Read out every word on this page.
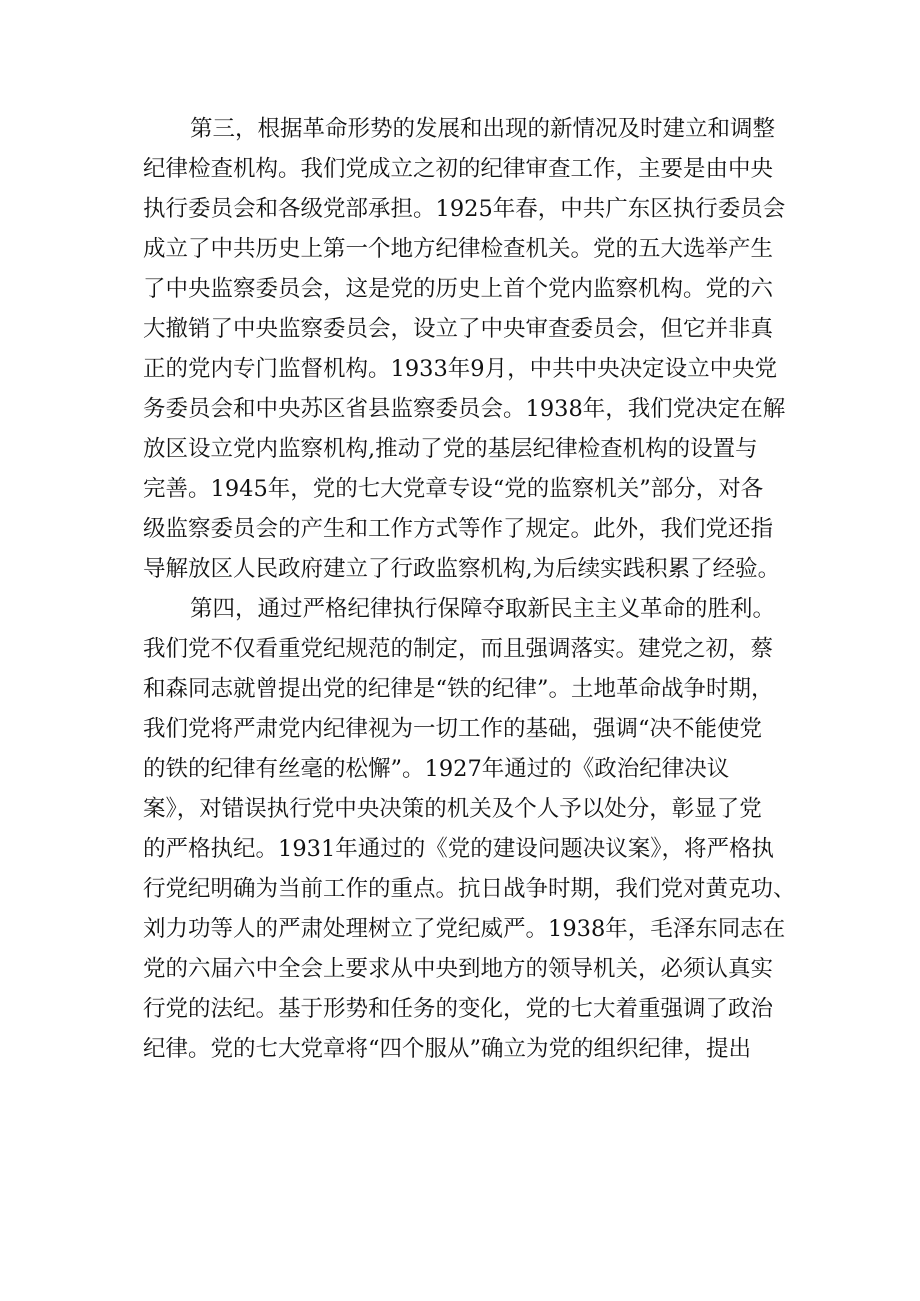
第三，根据革命形势的发展和出现的新情况及时建立和调整
纪律检查机构。我们党成立之初的纪律审查工作，主要是由中央
执行委员会和各级党部承担。1925年春，中共广东区执行委员会
成立了中共历史上第一个地方纪律检查机关。党的五大选举产生
了中央监察委员会，这是党的历史上首个党内监察机构。党的六
大撤销了中央监察委员会，设立了中央审查委员会，但它并非真
正的党内专门监督机构。1933年9月，中共中央决定设立中央党
务委员会和中央苏区省县监察委员会。1938年，我们党决定在解
放区设立党内监察机构,推动了党的基层纪律检查机构的设置与
完善。1945年，党的七大党章专设“党的监察机关”部分，对各
级监察委员会的产生和工作方式等作了规定。此外，我们党还指
导解放区人民政府建立了行政监察机构,为后续实践积累了经验。
第四，通过严格纪律执行保障夺取新民主主义革命的胜利。
我们党不仅看重党纪规范的制定，而且强调落实。建党之初，蔡
和森同志就曾提出党的纪律是“铁的纪律”。土地革命战争时期，
我们党将严肃党内纪律视为一切工作的基础，强调“决不能使党
的铁的纪律有丝毫的松懈”。1927年通过的《政治纪律决议
案》，对错误执行党中央决策的机关及个人予以处分，彰显了党
的严格执纪。1931年通过的《党的建设问题决议案》，将严格执
行党纪明确为当前工作的重点。抗日战争时期，我们党对黄克功、
刘力功等人的严肃处理树立了党纪威严。1938年，毛泽东同志在
党的六届六中全会上要求从中央到地方的领导机关，必须认真实
行党的法纪。基于形势和任务的变化，党的七大着重强调了政治
纪律。党的七大党章将“四个服从”确立为党的组织纪律，提出
